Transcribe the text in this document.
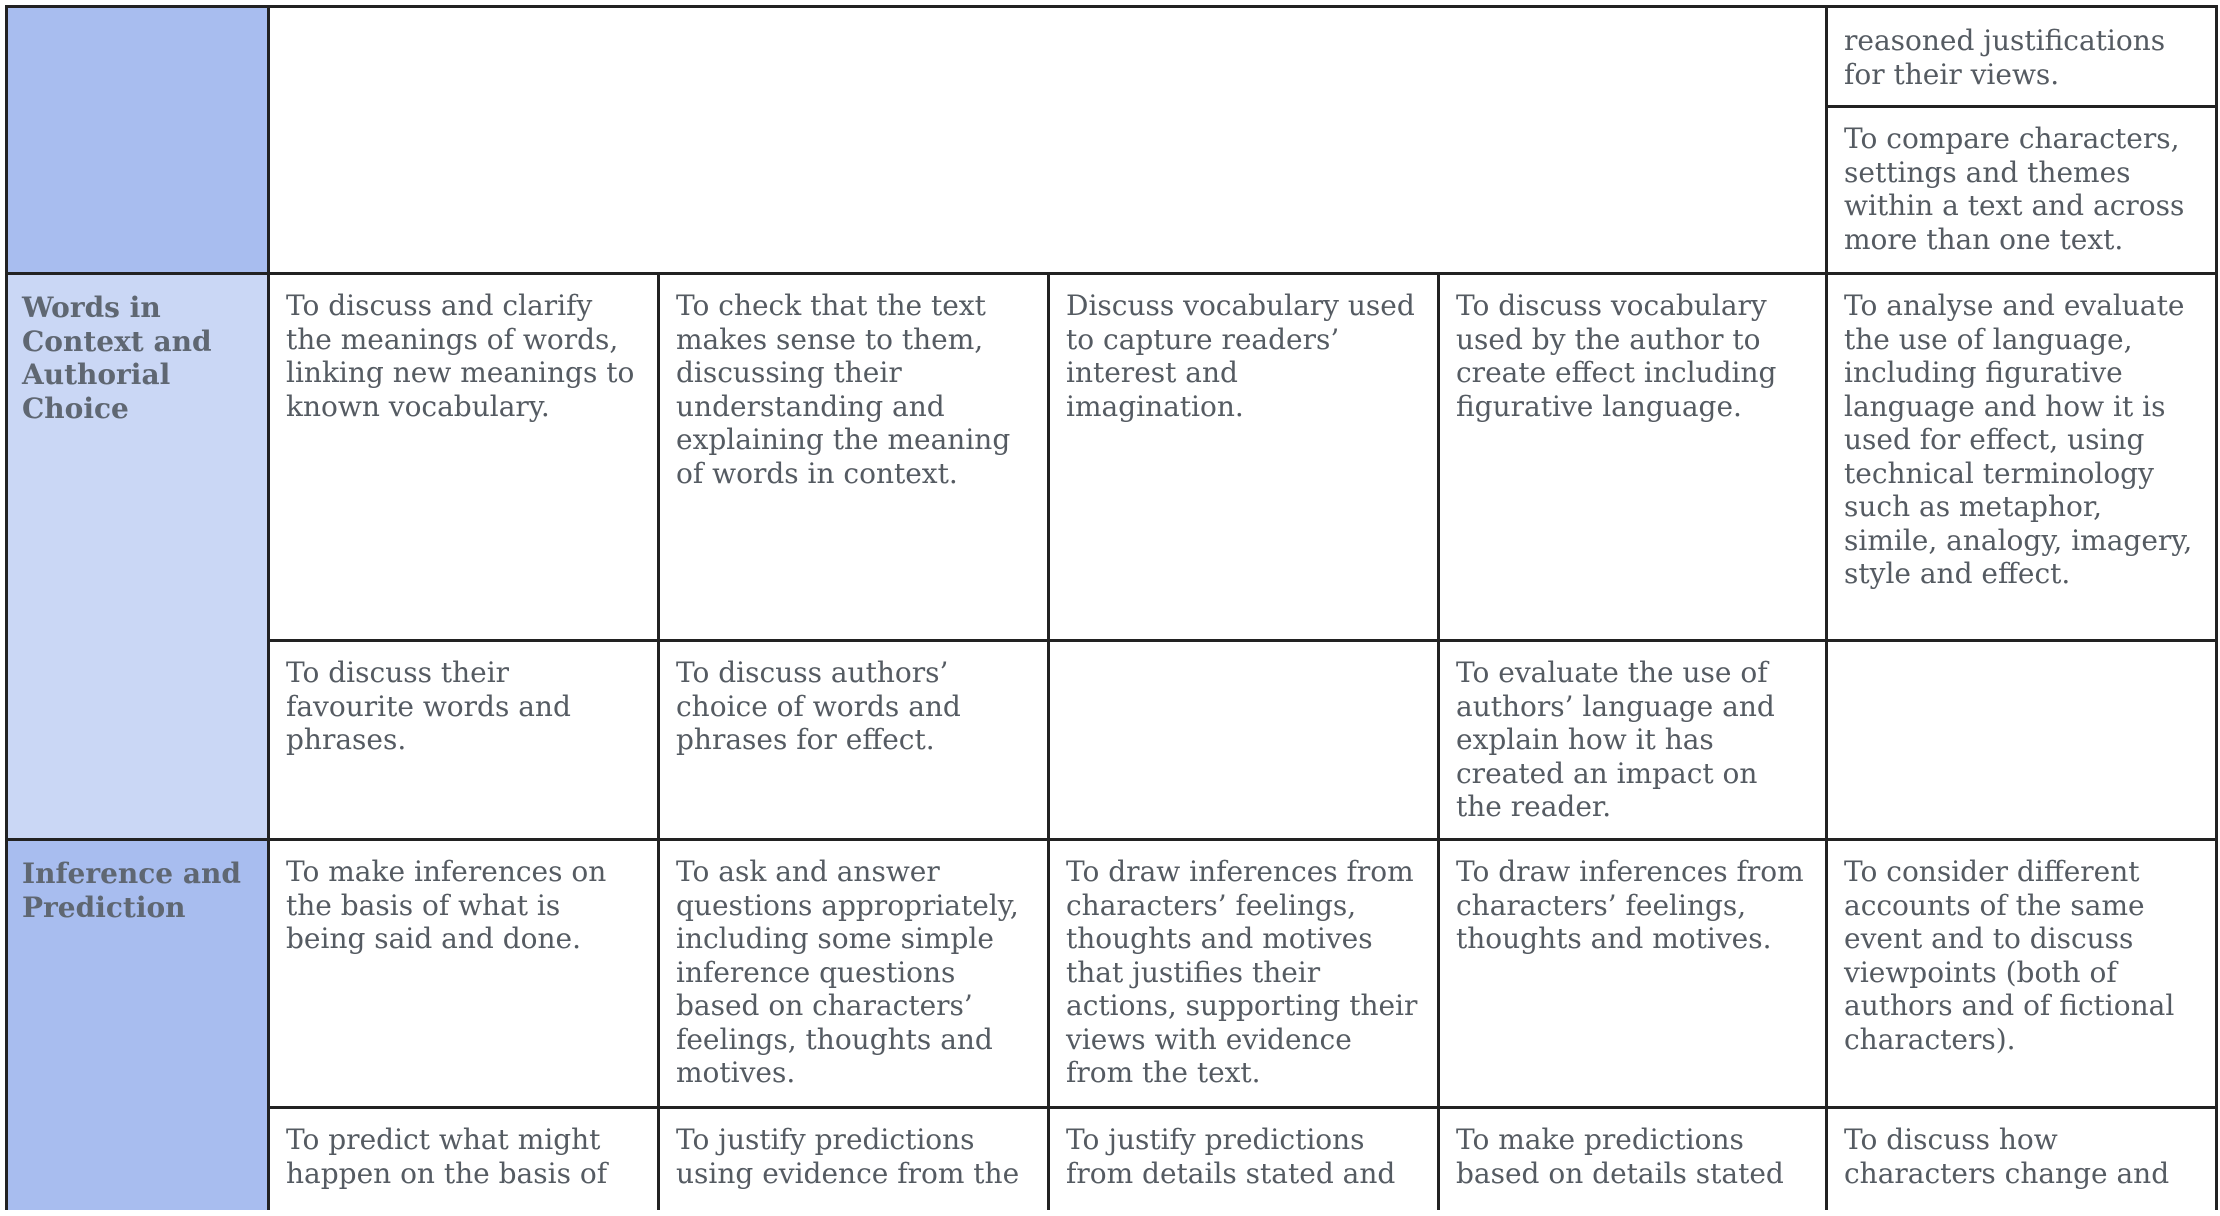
reasoned justifications for their views.
To compare characters, settings and themes within a text and across more than one text.
Words in Context and Authorial Choice
To discuss and clarify the meanings of words, linking new meanings to known vocabulary.
To check that the text makes sense to them, discussing their understanding and explaining the meaning of words in context.
Discuss vocabulary used to capture readers’ interest and imagination.
To discuss vocabulary used by the author to create effect including figurative language.
To analyse and evaluate the use of language, including figurative language and how it is used for effect, using technical terminology such as metaphor, simile, analogy, imagery, style and effect.
To discuss their favourite words and phrases.
To discuss authors’ choice of words and phrases for effect.
To evaluate the use of authors’ language and explain how it has created an impact on the reader.
Inference and Prediction
To make inferences on the basis of what is being said and done.
To ask and answer questions appropriately, including some simple inference questions based on characters’ feelings, thoughts and motives.
To draw inferences from characters’ feelings, thoughts and motives that justifies their actions, supporting their views with evidence from the text.
To draw inferences from characters’ feelings, thoughts and motives.
To consider different accounts of the same event and to discuss viewpoints (both of authors and of fictional characters).
To predict what might happen on the basis of
To justify predictions using evidence from the
To justify predictions from details stated and
To make predictions based on details stated
To discuss how characters change and
